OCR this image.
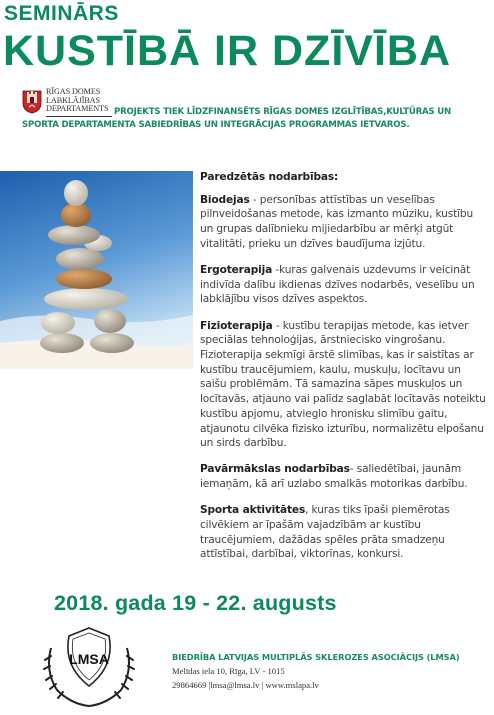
SEMINĀRS
KUSTĪBĀ IR DZĪVĪBA
RĪGAS DOMES
LABKLĀJĪBAS
DEPARTAMENTS PROJEKTS TIEK LĪDZFINANSĒTS RĪGAS DOMES IZGLĪTĪBAS,KULTŪRAS UN SPORTA DEPARTAMENTA SABIEDRĪBAS UN INTEGRĀCIJAS PROGRAMMAS IETVAROS.

Paredzētās nodarbības:

Biodejas - personības attīstības un veselības pilnveidošanas metode, kas izmanto mūziku, kustību un grupas dalībnieku mijiedarbību ar mērķi atgūt vitalitāti, prieku un dzīves baudījuma izjūtu.

Ergoterapija -kuras galvenais uzdevums ir veicināt indivīda dalību ikdienas dzīves nodarbēs, veselību un labklājību visos dzīves aspektos.

Fizioterapija - kustību terapijas metode, kas ietver speciālas tehnoloģijas, ārstniecisko vingrošanu. Fizioterapija sekmīgi ārstē slimības, kas ir saistītas ar kustību traucējumiem, kaulu, muskuļu, locītavu un saišu problēmām. Tā samazina sāpes muskuļos un locītavās, atjauno vai palīdz saglabāt locītavās noteiktu kustību apjomu, atvieglo hronisku slimību gaitu, atjaunotu cilvēka fizisko izturību, normalizētu elpošanu un sirds darbību.

Pavārmākslas nodarbības- saliedētībai, jaunām iemaņām, kā arī uzlabo smalkās motorikas darbību.

Sporta aktivitātes, kuras tiks īpaši piemērotas cilvēkiem ar īpašām vajadzībām ar kustību traucējumiem, dažādas spēles prāta smadzeņu attīstībai, darbībai, viktorīnas, konkursi.

2018. gada 19 - 22. augusts
LMSA	BIEDRĪBA LATVIJAS MULTIPLĀS SKLEROZES ASOCIĀCIJS (LMSA)
Melīdas iela 10, Rīga, LV - 1015
29864669 |lmsa@lmsa.lv | www.mslapa.lv
